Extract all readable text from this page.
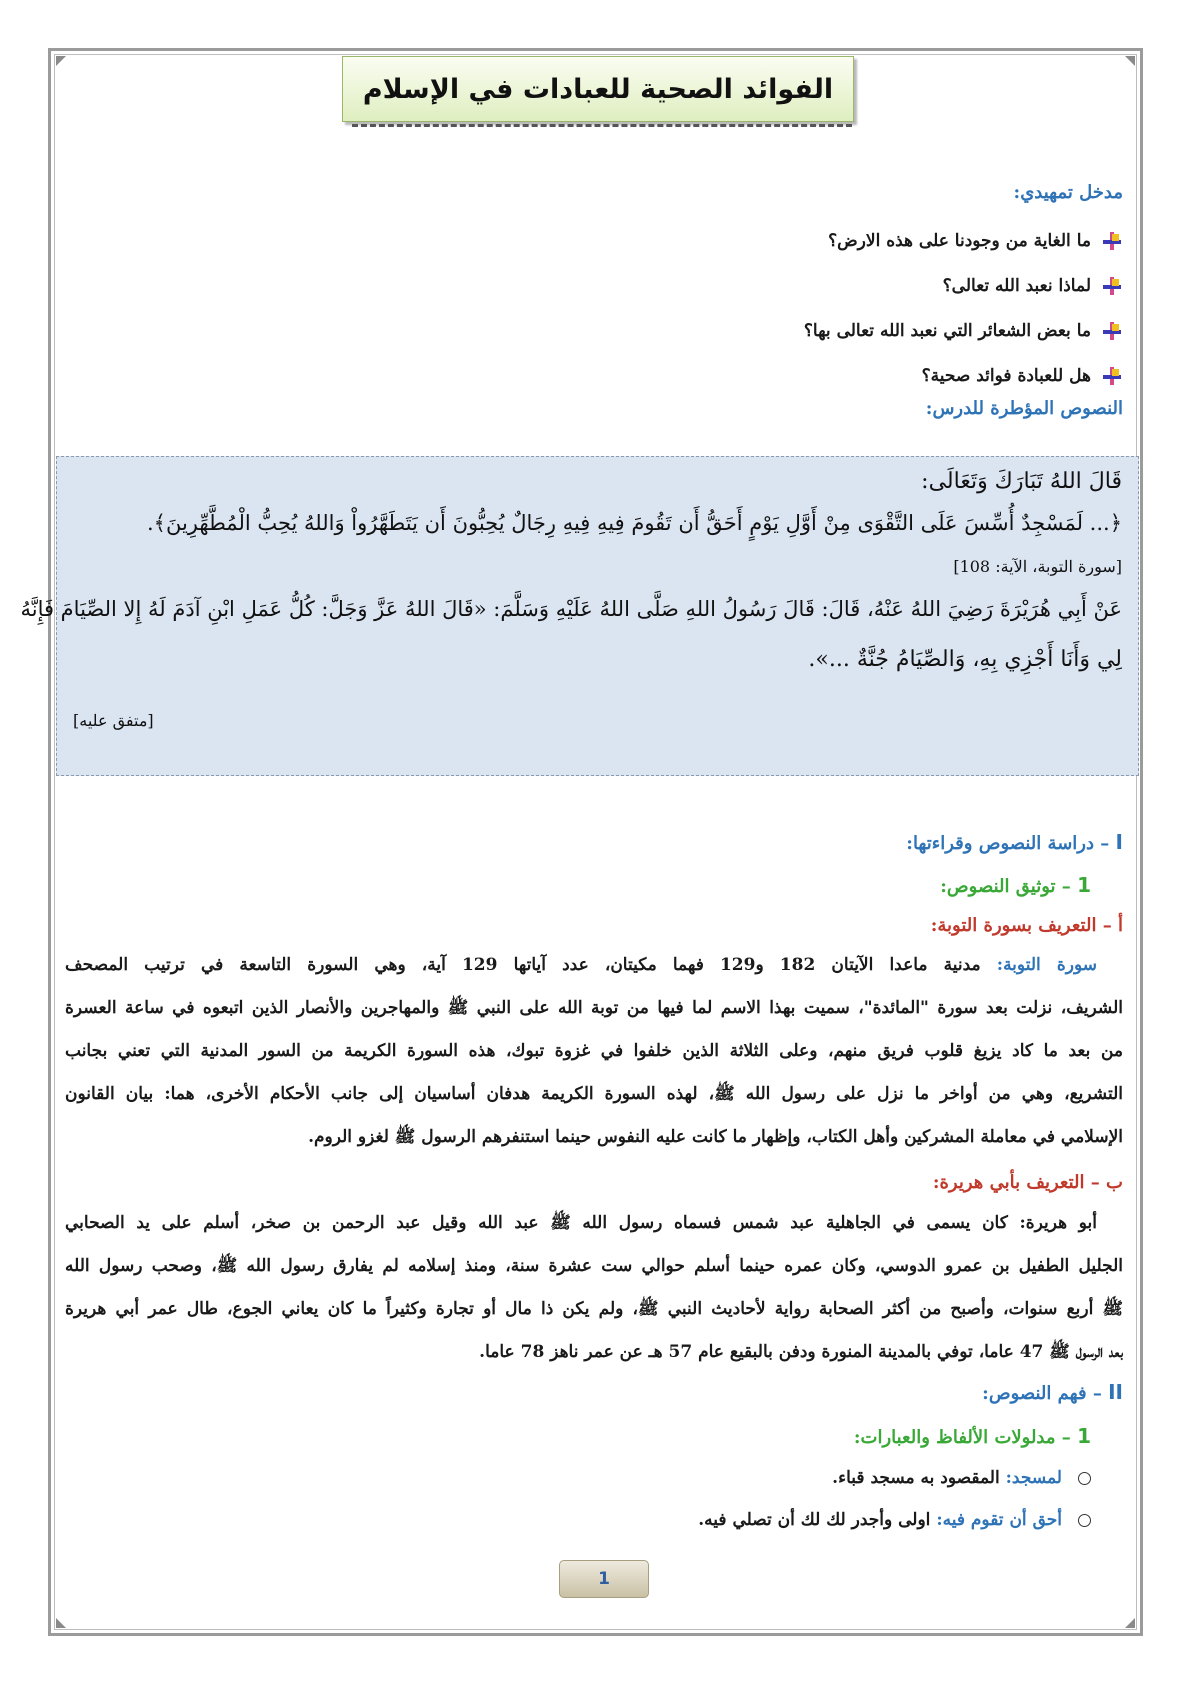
الفوائد الصحية للعبادات في الإسلام
مدخل تمهيدي:
ما الغاية من وجودنا على هذه الارض؟
لماذا نعبد الله تعالى؟
ما بعض الشعائر التي نعبد الله تعالى بها؟
هل للعبادة فوائد صحية؟
النصوص المؤطرة للدرس:
قَالَ اللهُ تَبَارَكَ وَتَعَالَى:
﴿... لَمَسْجِدٌ أُسِّسَ عَلَى التَّقْوَى مِنْ أَوَّلِ يَوْمٍ أَحَقُّ أَن تَقُومَ فِيهِ فِيهِ رِجَالٌ يُحِبُّونَ أَن يَتَطَهَّرُواْ وَاللهُ يُحِبُّ الْمُطَّهِّرِينَ﴾.
[سورة التوبة، الآية: 108]
عَنْ أَبِي هُرَيْرَةَ رَضِيَ اللهُ عَنْهُ، قَالَ: قَالَ رَسُولُ اللهِ صَلَّى اللهُ عَلَيْهِ وَسَلَّمَ: «قَالَ اللهُ عَزَّ وَجَلَّ: كُلُّ عَمَلِ ابْنِ آدَمَ لَهُ إِلا الصِّيَامَ فَإِنَّهُ
لِي وَأَنَا أَجْزِي بِهِ، وَالصِّيَامُ جُنَّةٌ ...».
[متفق عليه]
I – دراسة النصوص وقراءتها:
1 – توثيق النصوص:
أ – التعريف بسورة التوبة:
سورة التوبة: مدنية ماعدا الآيتان 182 و129 فهما مكيتان، عدد آياتها 129 آية، وهي السورة التاسعة في ترتيب المصحف
الشريف، نزلت بعد سورة "المائدة"، سميت بهذا الاسم لما فيها من توبة الله على النبي ﷺ والمهاجرين والأنصار الذين اتبعوه في ساعة العسرة
من بعد ما كاد يزيغ قلوب فريق منهم، وعلى الثلاثة الذين خلفوا في غزوة تبوك، هذه السورة الكريمة من السور المدنية التي تعني بجانب
التشريع، وهي من أواخر ما نزل على رسول الله ﷺ، لهذه السورة الكريمة هدفان أساسيان إلى جانب الأحكام الأخرى، هما: بيان القانون
الإسلامي في معاملة المشركين وأهل الكتاب، وإظهار ما كانت عليه النفوس حينما استنفرهم الرسول ﷺ لغزو الروم.
ب – التعريف بأبي هريرة:
أبو هريرة: كان يسمى في الجاهلية عبد شمس فسماه رسول الله ﷺ عبد الله وقيل عبد الرحمن بن صخر، أسلم على يد الصحابي
الجليل الطفيل بن عمرو الدوسي، وكان عمره حينما أسلم حوالي ست عشرة سنة، ومنذ إسلامه لم يفارق رسول الله ﷺ، وصحب رسول الله
ﷺ أربع سنوات، وأصبح من أكثر الصحابة رواية لأحاديث النبي ﷺ، ولم يكن ذا مال أو تجارة وكثيراً ما كان يعاني الجوع، طال عمر أبي هريرة
بعد الرسول ﷺ 47 عاما، توفي بالمدينة المنورة ودفن بالبقيع عام 57 هـ عن عمر ناهز 78 عاما.
II – فهم النصوص:
1 – مدلولات الألفاظ والعبارات:
لمسجد: المقصود به مسجد قباء.
أحق أن تقوم فيه: اولى وأجدر لك لك أن تصلي فيه.
1
